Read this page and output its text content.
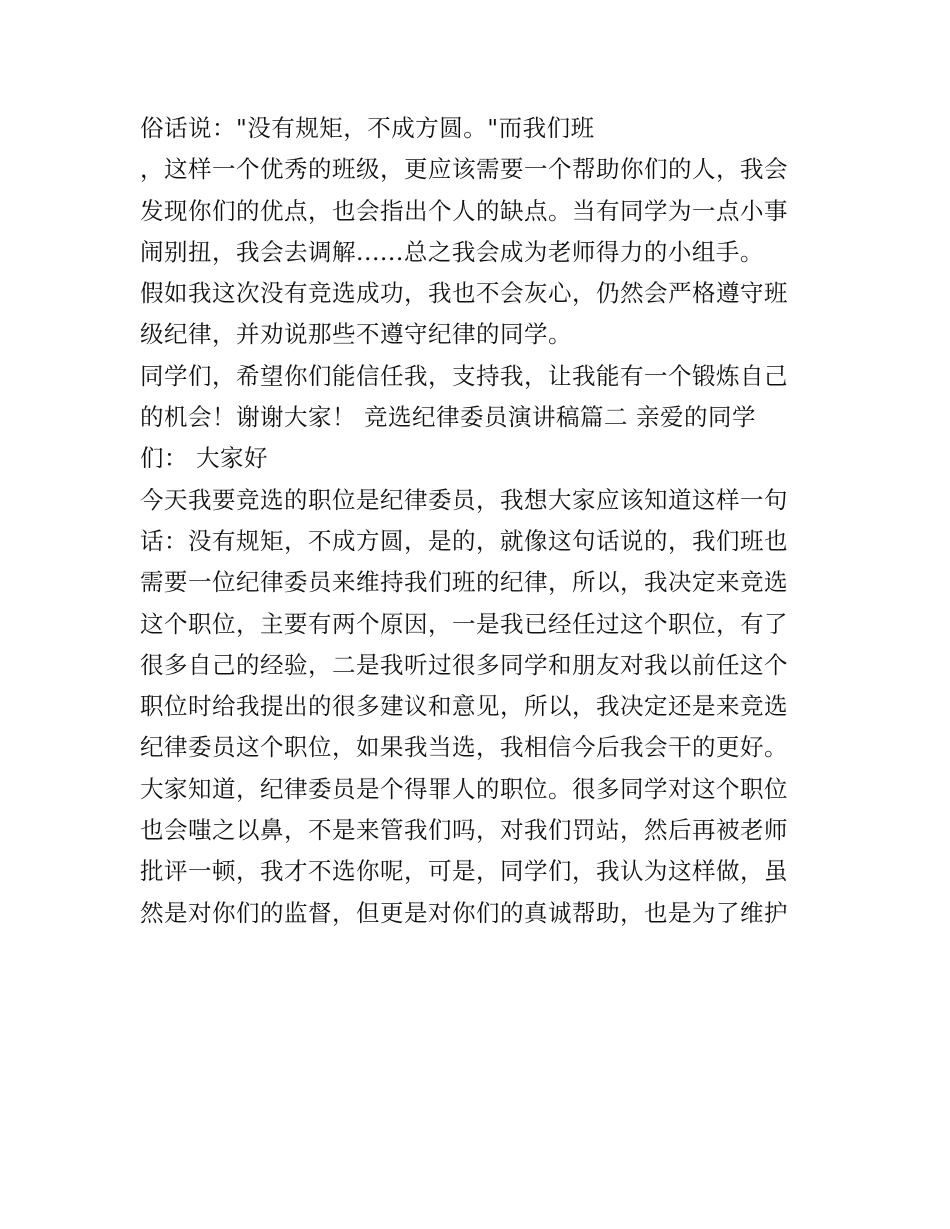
俗话说："没有规矩，不成方圆。"而我们班
，这样一个优秀的班级，更应该需要一个帮助你们的人，我会
发现你们的优点，也会指出个人的缺点。当有同学为一点小事
闹别扭，我会去调解......总之我会成为老师得力的小组手。
假如我这次没有竞选成功，我也不会灰心，仍然会严格遵守班
级纪律，并劝说那些不遵守纪律的同学。
同学们，希望你们能信任我，支持我，让我能有一个锻炼自己
的机会！谢谢大家！ 竞选纪律委员演讲稿篇二 亲爱的同学
们： 大家好
今天我要竞选的职位是纪律委员，我想大家应该知道这样一句
话：没有规矩，不成方圆，是的，就像这句话说的，我们班也
需要一位纪律委员来维持我们班的纪律，所以，我决定来竞选
这个职位，主要有两个原因，一是我已经任过这个职位，有了
很多自己的经验，二是我听过很多同学和朋友对我以前任这个
职位时给我提出的很多建议和意见，所以，我决定还是来竞选
纪律委员这个职位，如果我当选，我相信今后我会干的更好。
大家知道，纪律委员是个得罪人的职位。很多同学对这个职位
也会嗤之以鼻，不是来管我们吗，对我们罚站，然后再被老师
批评一顿，我才不选你呢，可是，同学们，我认为这样做，虽
然是对你们的监督，但更是对你们的真诚帮助，也是为了维护
